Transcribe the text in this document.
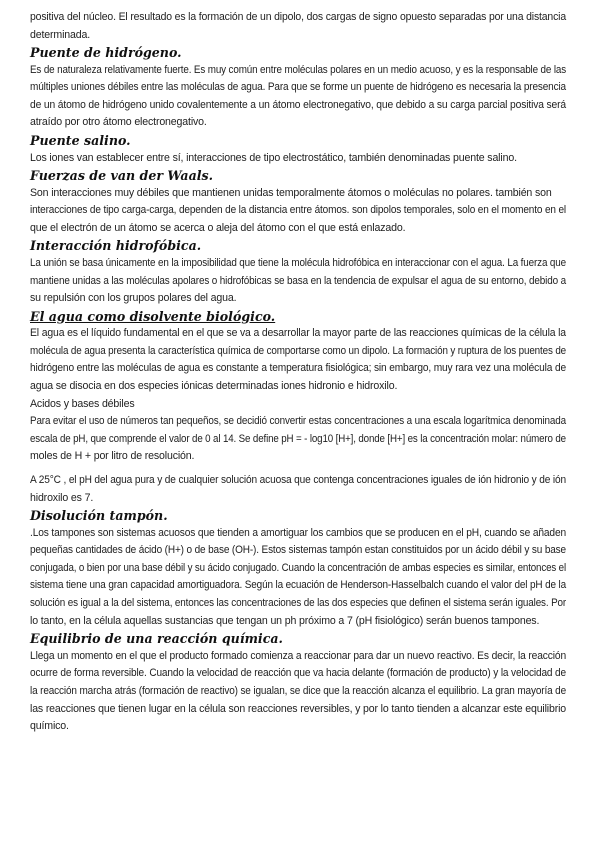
positiva del núcleo. El resultado es la formación de un dipolo, dos cargas de signo opuesto separadas por una distancia
determinada.
Puente de hidrógeno.
Es de naturaleza relativamente fuerte. Es muy común entre moléculas polares en un medio acuoso, y es la responsable de las
múltiples uniones débiles entre las moléculas de agua. Para que se forme un puente de hidrógeno es necesaria la presencia
de un átomo de hidrógeno unido covalentemente a un átomo electronegativo, que debido a su carga parcial positiva será
atraído por otro átomo electronegativo.
Puente salino.
Los iones van establecer entre sí, interacciones de tipo electrostático, también denominadas puente salino.
Fuerzas de van der Waals.
Son interacciones muy débiles que mantienen unidas temporalmente átomos o moléculas no polares. también son
interacciones de tipo carga-carga, dependen de la distancia entre átomos. son dipolos temporales, solo en el momento en el
que el electrón de un átomo se acerca o aleja del átomo con el que está enlazado.
Interacción hidrofóbica.
La unión se basa únicamente en la imposibilidad que tiene la molécula hidrofóbica en interaccionar con el agua. La fuerza que
mantiene unidas a las moléculas apolares o hidrofóbicas se basa en la tendencia de expulsar el agua de su entorno, debido a
su repulsión con los grupos polares del agua.
El agua como disolvente biológico.
El agua es el líquido fundamental en el que se va a desarrollar la mayor parte de las reacciones químicas de la célula la
molécula de agua presenta la característica química de comportarse como un dipolo. La formación y ruptura de los puentes de
hidrógeno entre las moléculas de agua es constante a temperatura fisiológica; sin embargo, muy rara vez una molécula de
agua se disocia en dos especies iónicas determinadas iones hidronio e hidroxilo.
Acidos y bases débiles
Para evitar el uso de números tan pequeños, se decidió convertir estas concentraciones a una escala logarítmica denominada
escala de pH, que comprende el valor de 0 al 14. Se define pH = - log10 [H+], donde [H+] es la concentración molar: número de
moles de H + por litro de resolución.
A 25°C , el pH del agua pura y de cualquier solución acuosa que contenga concentraciones iguales de ión hidronio y de ión
hidroxilo es 7.
Disolución tampón.
.Los tampones son sistemas acuosos que tienden a amortiguar los cambios que se producen en el pH, cuando se añaden
pequeñas cantidades de ácido (H+) o de base (OH-). Estos sistemas tampón estan constituidos por un ácido débil y su base
conjugada, o bien por una base débil y su ácido conjugado. Cuando la concentración de ambas especies es similar, entonces el
sistema tiene una gran capacidad amortiguadora. Según la ecuación de Henderson-Hasselbalch cuando el valor del pH de la
solución es igual a la del sistema, entonces las concentraciones de las dos especies que definen el sistema serán iguales. Por
lo tanto, en la célula aquellas sustancias que tengan un ph próximo a 7 (pH fisiológico) serán buenos tampones.
Equilibrio de una reacción química.
Llega un momento en el que el producto formado comienza a reaccionar para dar un nuevo reactivo. Es decir, la reacción
ocurre de forma reversible. Cuando la velocidad de reacción que va hacia delante (formación de producto) y la velocidad de
la reacción marcha atrás (formación de reactivo) se igualan, se dice que la reacción alcanza el equilibrio. La gran mayoría de
las reacciones que tienen lugar en la célula son reacciones reversibles, y por lo tanto tienden a alcanzar este equilibrio
químico.
